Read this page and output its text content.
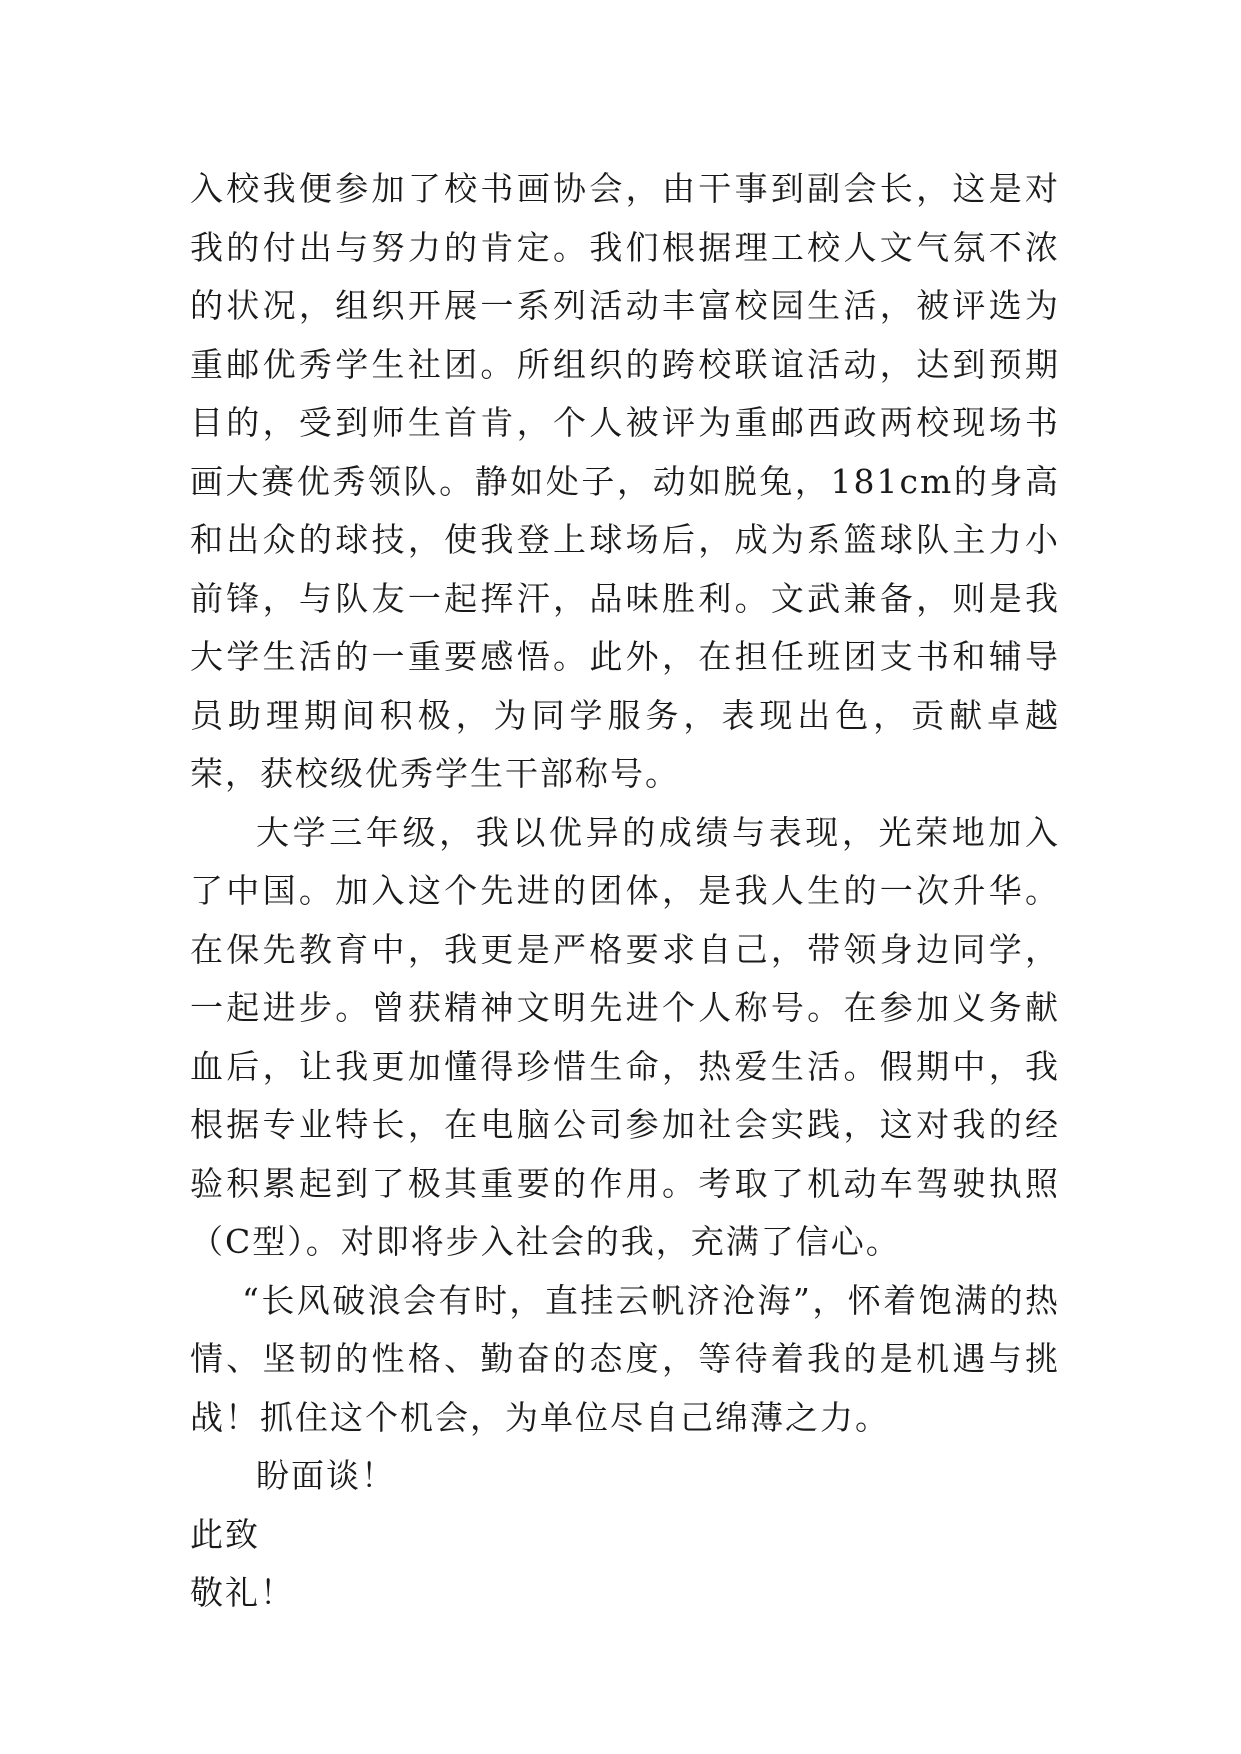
入校我便参加了校书画协会，由干事到副会长，这是对我的付出与努力的肯定。我们根据理工校人文气氛不浓的状况，组织开展一系列活动丰富校园生活，被评选为重邮优秀学生社团。所组织的跨校联谊活动，达到预期目的，受到师生首肯，个人被评为重邮西政两校现场书画大赛优秀领队。静如处子，动如脱兔，181cm的身高和出众的球技，使我登上球场后，成为系篮球队主力小前锋，与队友一起挥汗，品味胜利。文武兼备，则是我大学生活的一重要感悟。此外，在担任班团支书和辅导员助理期间积极，为同学服务，表现出色，贡献卓越荣，获校级优秀学生干部称号。

大学三年级，我以优异的成绩与表现，光荣地加入了中国。加入这个先进的团体，是我人生的一次升华。在保先教育中，我更是严格要求自己，带领身边同学，一起进步。曾获精神文明先进个人称号。在参加义务献血后，让我更加懂得珍惜生命，热爱生活。假期中，我根据专业特长，在电脑公司参加社会实践，这对我的经验积累起到了极其重要的作用。考取了机动车驾驶执照（C型）。对即将步入社会的我，充满了信心。

“长风破浪会有时，直挂云帆济沧海”，怀着饱满的热情、坚韧的性格、勤奋的态度，等待着我的是机遇与挑战！抓住这个机会，为单位尽自己绵薄之力。

盼面谈！

此致

敬礼！
